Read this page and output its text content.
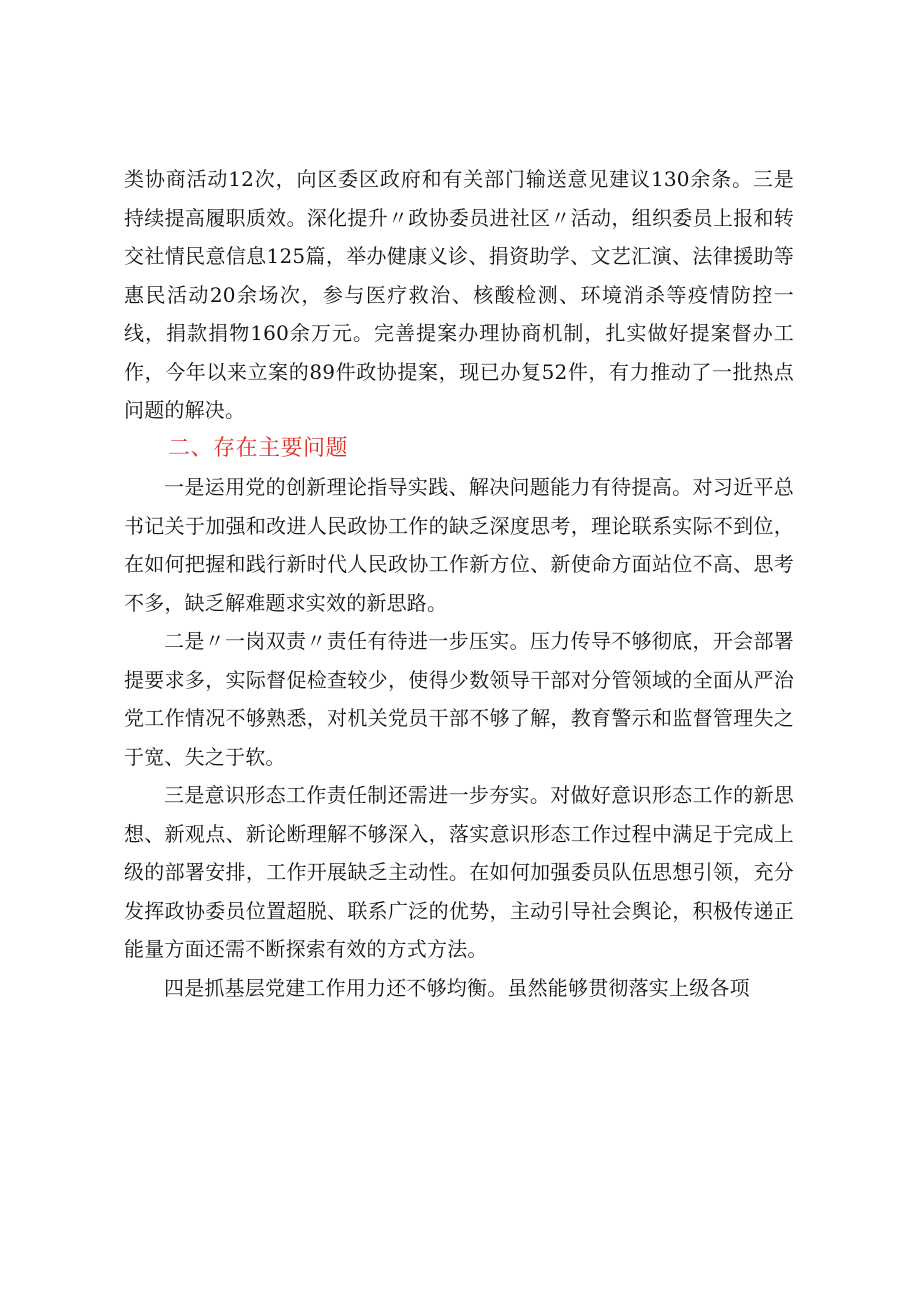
类协商活动12次，向区委区政府和有关部门输送意见建议130余条。三是持续提高履职质效。深化提升〃政协委员进社区〃活动，组织委员上报和转交社情民意信息125篇，举办健康义诊、捐资助学、文艺汇演、法律援助等惠民活动20余场次，参与医疗救治、核酸检测、环境消杀等疫情防控一线，捐款捐物160余万元。完善提案办理协商机制，扎实做好提案督办工作，今年以来立案的89件政协提案，现已办复52件，有力推动了一批热点问题的解决。

二、存在主要问题

一是运用党的创新理论指导实践、解决问题能力有待提高。对习近平总书记关于加强和改进人民政协工作的缺乏深度思考，理论联系实际不到位，在如何把握和践行新时代人民政协工作新方位、新使命方面站位不高、思考不多，缺乏解难题求实效的新思路。

二是〃一岗双责〃责任有待进一步压实。压力传导不够彻底，开会部署提要求多，实际督促检查较少，使得少数领导干部对分管领域的全面从严治党工作情况不够熟悉，对机关党员干部不够了解，教育警示和监督管理失之于宽、失之于软。

三是意识形态工作责任制还需进一步夯实。对做好意识形态工作的新思想、新观点、新论断理解不够深入，落实意识形态工作过程中满足于完成上级的部署安排，工作开展缺乏主动性。在如何加强委员队伍思想引领，充分发挥政协委员位置超脱、联系广泛的优势，主动引导社会舆论，积极传递正能量方面还需不断探索有效的方式方法。

四是抓基层党建工作用力还不够均衡。虽然能够贯彻落实上级各项
